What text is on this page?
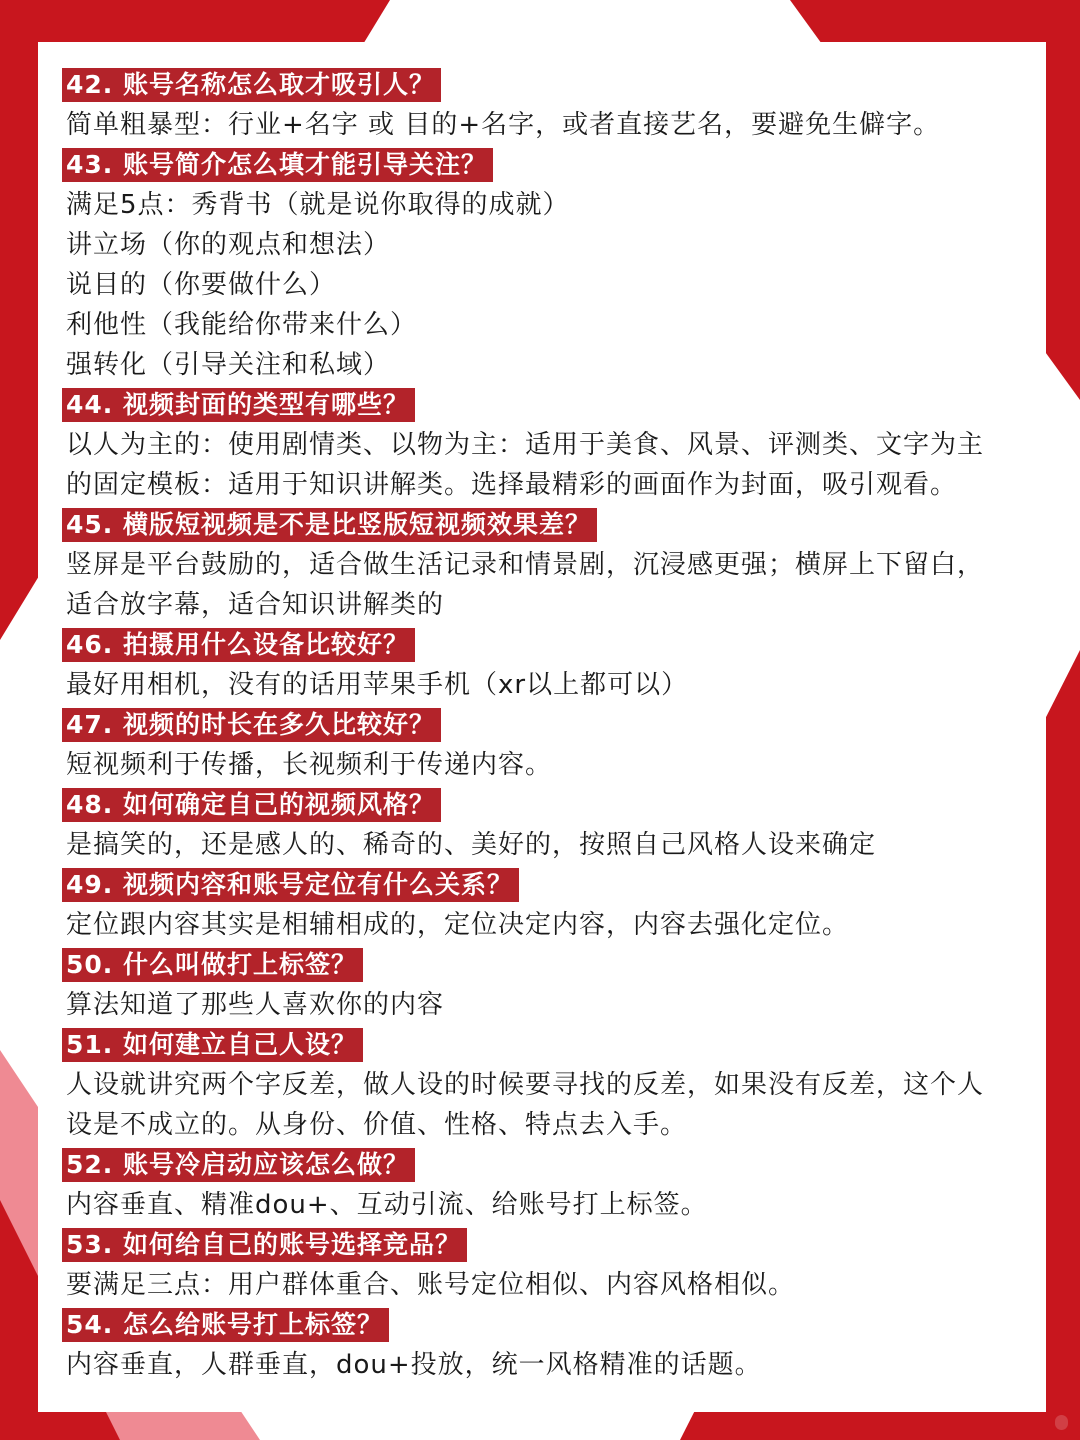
42. 账号名称怎么取才吸引人？
简单粗暴型：行业+名字 或 目的+名字，或者直接艺名，要避免生僻字。
43. 账号简介怎么填才能引导关注？
满足5点：秀背书（就是说你取得的成就）
讲立场（你的观点和想法）
说目的（你要做什么）
利他性（我能给你带来什么）
强转化（引导关注和私域）
44. 视频封面的类型有哪些？
以人为主的：使用剧情类、以物为主：适用于美食、风景、评测类、文字为主
的固定模板：适用于知识讲解类。选择最精彩的画面作为封面，吸引观看。
45. 横版短视频是不是比竖版短视频效果差？
竖屏是平台鼓励的，适合做生活记录和情景剧，沉浸感更强；横屏上下留白，
适合放字幕，适合知识讲解类的
46. 拍摄用什么设备比较好？
最好用相机，没有的话用苹果手机（xr以上都可以）
47. 视频的时长在多久比较好？
短视频利于传播，长视频利于传递内容。
48. 如何确定自己的视频风格？
是搞笑的，还是感人的、稀奇的、美好的，按照自己风格人设来确定
49. 视频内容和账号定位有什么关系？
定位跟内容其实是相辅相成的，定位决定内容，内容去强化定位。
50. 什么叫做打上标签？
算法知道了那些人喜欢你的内容
51. 如何建立自己人设？
人设就讲究两个字反差，做人设的时候要寻找的反差，如果没有反差，这个人
设是不成立的。从身份、价值、性格、特点去入手。
52. 账号冷启动应该怎么做？
内容垂直、精准dou+、互动引流、给账号打上标签。
53. 如何给自己的账号选择竞品？
要满足三点：用户群体重合、账号定位相似、内容风格相似。
54. 怎么给账号打上标签？
内容垂直，人群垂直，dou+投放，统一风格精准的话题。
